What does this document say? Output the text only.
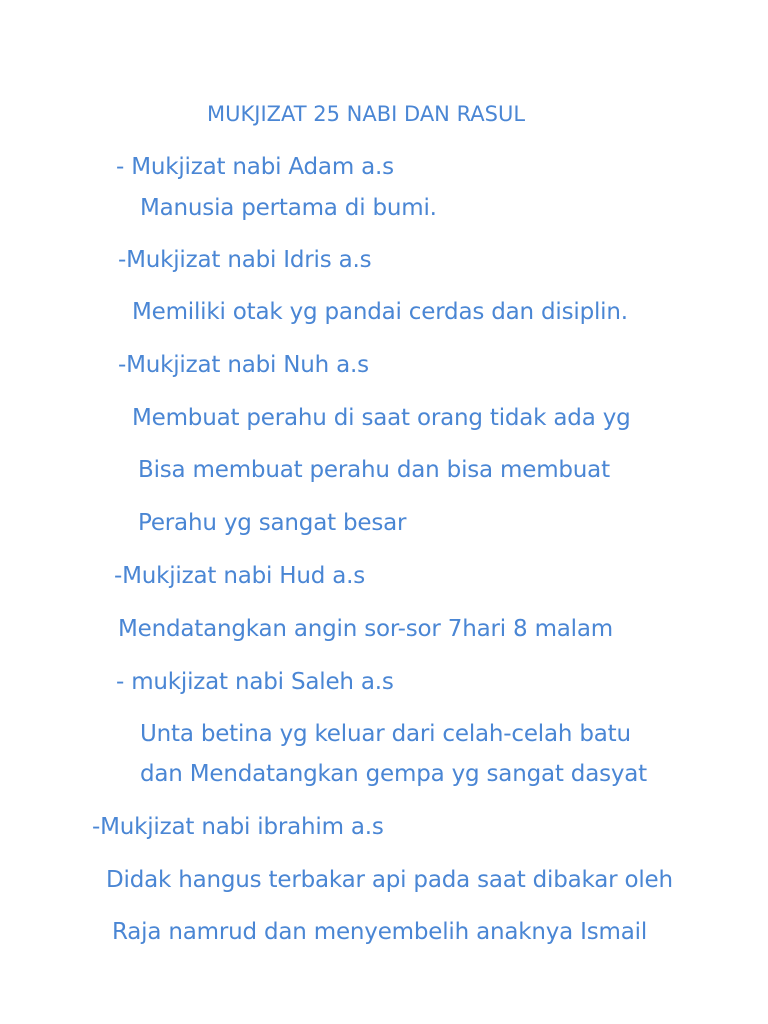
MUKJIZAT 25 NABI DAN RASUL
- Mukjizat nabi Adam a.s
Manusia pertama di bumi.
-Mukjizat nabi Idris a.s
Memiliki otak yg pandai cerdas dan disiplin.
-Mukjizat nabi Nuh a.s
Membuat perahu di saat orang tidak ada yg
Bisa membuat perahu dan bisa membuat
Perahu yg sangat besar
-Mukjizat nabi Hud a.s
Mendatangkan angin sor-sor 7hari 8 malam
- mukjizat nabi Saleh a.s
Unta betina yg keluar dari celah-celah batu
dan Mendatangkan gempa yg sangat dasyat
-Mukjizat nabi ibrahim a.s
Didak hangus terbakar api pada saat dibakar oleh
Raja namrud dan menyembelih anaknya Ismail
